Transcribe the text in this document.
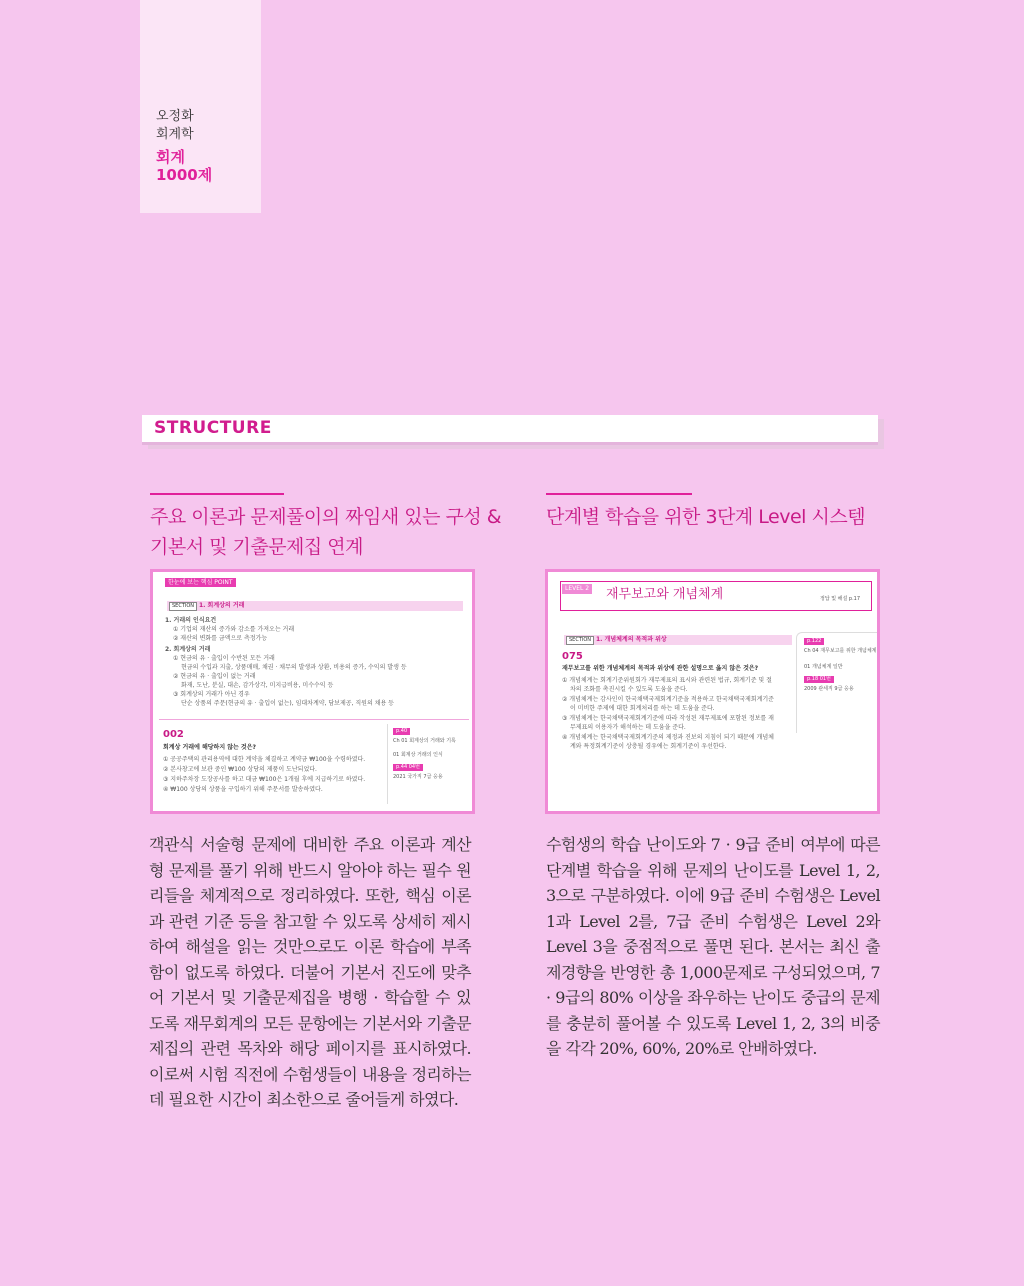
오정화
회계학
회계
1000제
STRUCTURE
주요 이론과 문제풀이의 짜임새 있는 구성 &
기본서 및 기출문제집 연계
한눈에 보는 핵심 POINT
SECTION 1. 회계상의 거래
1. 거래의 인식요건
① 기업의 재산의 증가와 감소를 가져오는 거래
② 재산의 변화를 금액으로 측정가능
2. 회계상의 거래
① 현금의 유 · 출입이 수반된 모든 거래
현금의 수입과 지출, 상품매매, 채권 · 채무의 발생과 상환, 비용의 증가, 수익의 발생 등
② 현금의 유 · 출입이 없는 거래
화재, 도난, 분실, 대손, 감가상각, 미지급비용, 미수수익 등
③ 회계상의 거래가 아닌 경우
단순 상품의 주문(현금의 유 · 출입이 없는), 임대차계약, 담보제공, 직원의 채용 등
002
회계상 거래에 해당하지 않는 것은?
① 공공주택의 관리용역에 대한 계약을 체결하고 계약금 ₩100을 수령하였다.
② 본사창고에 보관 중인 ₩100 상당의 제품이 도난되었다.
③ 지하주차장 도장공사를 하고 대금 ₩100은 1개월 후에 지급하기로 하였다.
④ ₩100 상당의 상품을 구입하기 위해 주문서를 발송하였다.
p.40
Ch 01 회계상의 거래와 기록
01 회계상 거래의 인식
p.44 04번
2021 국가직 7급 응용
객관식 서술형 문제에 대비한 주요 이론과 계산형 문제를 풀기 위해 반드시 알아야 하는 필수 원리들을 체계적으로 정리하였다. 또한, 핵심 이론과 관련 기준 등을 참고할 수 있도록 상세히 제시하여 해설을 읽는 것만으로도 이론 학습에 부족함이 없도록 하였다. 더불어 기본서 진도에 맞추어 기본서 및 기출문제집을 병행 · 학습할 수 있도록 재무회계의 모든 문항에는 기본서와 기출문제집의 관련 목차와 해당 페이지를 표시하였다. 이로써 시험 직전에 수험생들이 내용을 정리하는 데 필요한 시간이 최소한으로 줄어들게 하였다.
단계별 학습을 위한 3단계 Level 시스템
LEVEL 2 재무보고와 개념체계	정답 및 해설 p.17
SECTION 1. 개념체계의 목적과 위상
075
재무보고를 위한 개념체계의 목적과 위상에 관한 설명으로 옳지 않은 것은?
① 개념체계는 회계기준위원회가 재무제표의 표시와 관련된 법규, 회계기준 및 절
차의 조화를 촉진시킬 수 있도록 도움을 준다.
② 개념체계는 감사인이 한국채택국제회계기준을 적용하고 한국채택국제회계기준
이 미비한 주제에 대한 회계처리를 하는 데 도움을 준다.
③ 개념체계는 한국채택국제회계기준에 따라 작성된 재무제표에 포함된 정보를 재
무제표의 이용자가 해석하는 데 도움을 준다.
④ 개념체계는 한국채택국제회계기준의 제정과 진보의 지침이 되기 때문에 개념체
계와 특정회계기준이 상충될 경우에는 회계기준이 우선한다.
p.122
Ch 04 재무보고를 위한 개념체계
01 개념체계 일반
p.18 01번
2009 관세직 9급 응용
수험생의 학습 난이도와 7 · 9급 준비 여부에 따른 단계별 학습을 위해 문제의 난이도를 Level 1, 2, 3으로 구분하였다. 이에 9급 준비 수험생은 Level 1과 Level 2를, 7급 준비 수험생은 Level 2와 Level 3을 중점적으로 풀면 된다. 본서는 최신 출제경향을 반영한 총 1,000문제로 구성되었으며, 7 · 9급의 80% 이상을 좌우하는 난이도 중급의 문제를 충분히 풀어볼 수 있도록 Level 1, 2, 3의 비중을 각각 20%, 60%, 20%로 안배하였다.
